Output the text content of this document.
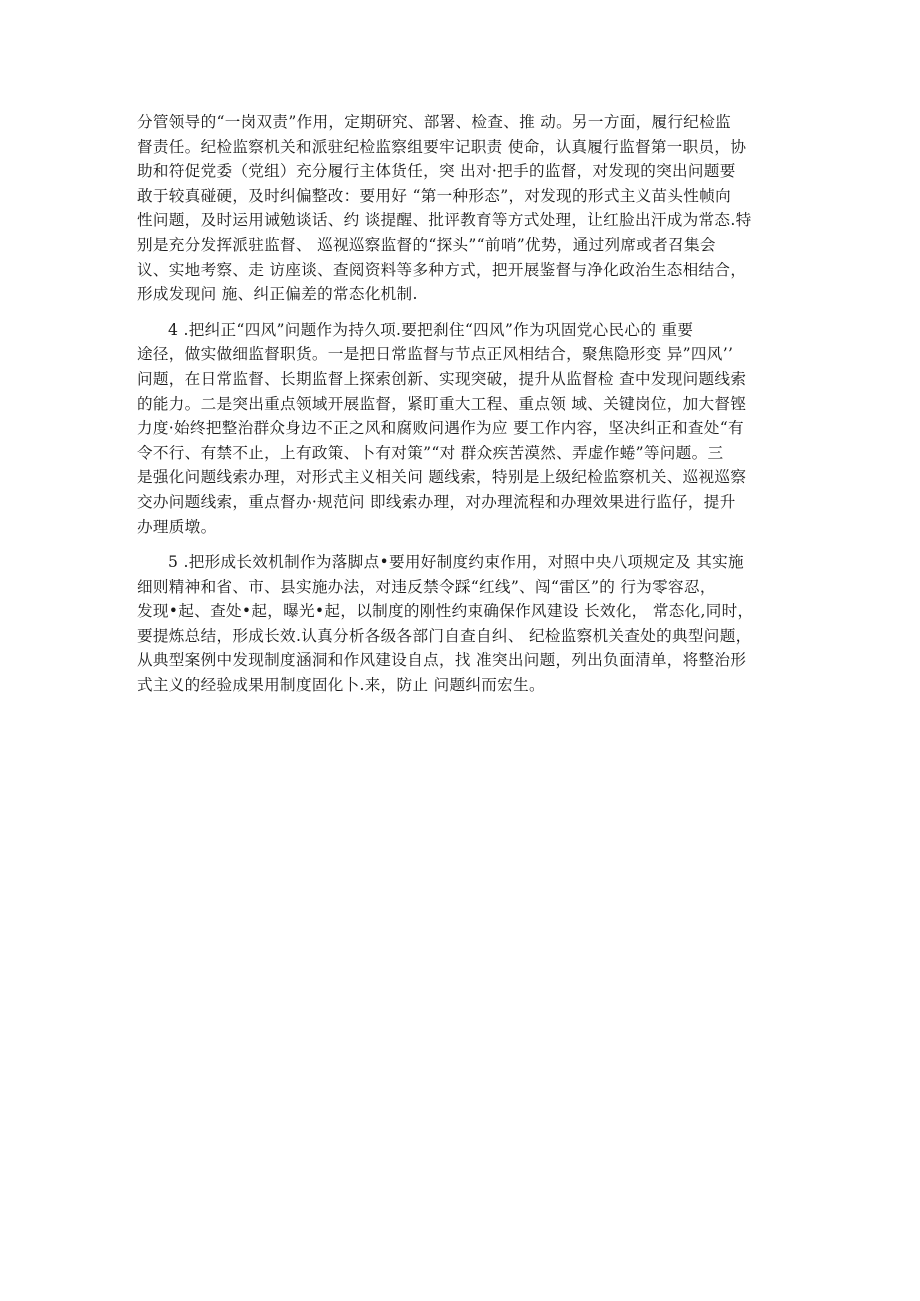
分管领导的“一岗双责”作用，定期研究、部署、检查、推 动。另一方面，履行纪检监
督责任。纪检监察机关和派驻纪检监察组要牢记职责 使命，认真履行监督第一职员，协
助和符促党委（党组）充分履行主体货任，突 出对·把手的监督，对发现的突出问题要
敢于较真碰硬，及时纠偏整改：要用好 “第一种形态”，对发现的形式主义苗头性帧向
性问题，及时运用诫勉谈话、约 谈提醒、批评教育等方式处理，让红脸出汗成为常态.特
别是充分发挥派驻监督、 巡视巡察监督的“探头”“前哨”优势，通过列席或者召集会
议、实地考察、走 访座谈、查阅资料等多种方式，把开展鉴督与净化政治生态相结合，
形成发现问 施、纠正偏差的常态化机制.

4 .把纠正“四风”问题作为持久项.要把刹住“四风”作为巩固党心民心的 重要
途径，做实做细监督职货。一是把日常监督与节点正风相结合，聚焦隐形变 异”四风’’
问题，在日常监督、长期监督上探索创新、实现突破，提升从监督检 查中发现问题线索
的能力。二是突出重点领域开展监督，紧盯重大工程、重点领 域、关键岗位，加大督铿
力度·始终把整治群众身边不正之风和腐败问遇作为应 要工作内容，坚决纠正和查处“有
令不行、有禁不止，上有政策、卜有对策”“对 群众疾苦漠然、弄虚作蜷”等问题。三
是强化问题线索办理，对形式主义相关问 题线索，特别是上级纪检监察机关、巡视巡察
交办问题线索，重点督办·规范问 即线索办理，对办理流程和办理效果进行监仔，提升
办理质墩。

5 .把形成长效机制作为落脚点•要用好制度约束作用，对照中央八项规定及 其实施
细则精神和省、市、县实施办法，对违反禁令踩“红线”、闯“雷区”的 行为零容忍，
发现•起、查处•起，曝光•起，以制度的刚性约束确保作风建设 长效化， 常态化,同时，
要提炼总结，形成长效.认真分析各级各部门自查自纠、 纪检监察机关查处的典型问题，
从典型案例中发现制度涵洞和作风建设自点，找 准突出问题，列出负面清单，将整治形
式主义的经验成果用制度固化卜.来，防止 问题纠而宏生。
